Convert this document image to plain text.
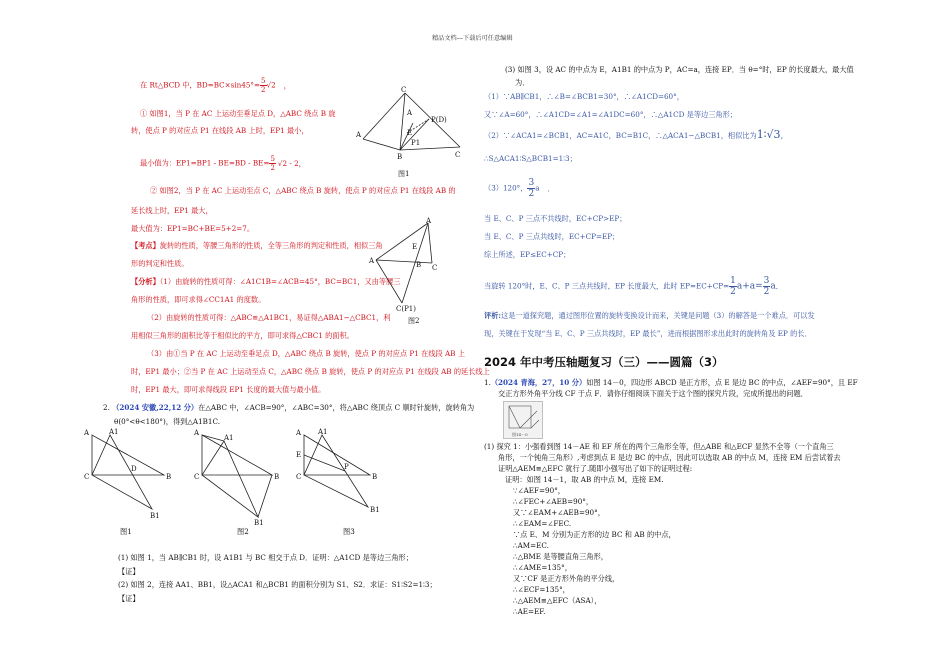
精品文档---下载后可任意编辑
在 Rt△BCD 中，$BD=BC\times\sin 45^\circ= \frac{5}{2} √2$ ，
① 如图1，当 P 在 AC 上运动至垂足点 D，△ABC 绕点 B 旋
转，使点 P 的对应点 P1 在线段 AB 上时，EP1 最小，
最小值为：$EP1=BP1 - BE=BD - BE= \frac{5}{2} √2 - 2$，
② 如图2，当 P 在 AC 上运动至点 C，△ABC 绕点 B 旋转，使点 P 的对应点 P1 在线段 AB 的
延长线上时，EP1 最大，
最大值为：EP1=BC+BE=5+2=7。
【考点】旋转的性质，等腰三角形的性质，全等三角形的判定和性质，相似三角
形的判定和性质。
【分析】（1）由旋转的性质可得：∠A1C1B=∠ACB=45°，BC=BC1，又由等腰三
角形的性质，即可求得∠CC1A1 的度数。
（2）由旋转的性质可得：△ABC≌△A1BC1，易证得△ABA1∽△CBC1，利
用相似三角形的面积比等于相似比的平方，即可求得△CBC1 的面积。
（3）由①当 P 在 AC 上运动至垂足点 D，△ABC 绕点 B 旋转，使点 P 的对应点 P1 在线段 AB 上
时，EP1 最小；②当 P 在 AC 上运动至点 C，△ABC 绕点 B 旋转，使点 P 的对应点 P1 在线段 AB 的延长线上
时，EP1 最大，即可求得线段 EP1 长度的最大值与最小值。
2. （2024 安徽,22,12 分）在△ABC 中，∠ACB=90°，∠ABC=30°，将△ABC 绕顶点 C 顺时针旋转，旋转角为
θ(0°<θ<180°)，得到△A1B1C.
图1	图2	图3
(1) 如图 1，当 AB∥CB1 时，设 A1B1 与 BC 相交于点 D．证明：△A1CD 是等边三角形；
【证】
(2) 如图 2，连接 AA1、BB1，设△ACA1 和△BCB1 的面积分别为 S1、S2．求证：S1∶S2=1∶3；
【证】
C
A
B	C
A
P(D)
E
P1
图1
A
A
C
E
B
C(P1)
图2
A	A1
D
C	B
B1
A
A1
C	B
B1
A A1
E
P
C	B
B1
(3) 如图 3，设 AC 的中点为 E，A1B1 的中点为 P，AC=a，连接 EP．当 θ=°时，EP 的长度最大，最大值
为．
（1）∵AB∥CB1，∴∠B=∠BCB1=30°，∴∠A1CD=60°，
又∵∠A=60°，∴∠A1CD=∠A1=∠A1DC=60°，∴△A1CD 是等边三角形；
（2）∵∠ACA1=∠BCB1，AC=A1C，BC=B1C，∴△ACA1∽△BCB1，相似比为1∶√3，
∴S△ACA1∶S△BCB1=1∶3；
（3）120°， $\frac{3}{2}$ a ．
当 E、C、P 三点不共线时，EC+CP>EP；
当 E、C、P 三点共线时，EC+CP=EP；
综上所述，EP≤EC+CP；
当旋转 120°时，E、C、P 三点共线时，EP 长度最大，此时 $EP=EC+CP= \frac{1}{2} a+a= \frac{3}{2}$ a．
评析:这是一道探究题，通过图形位置的旋转变换设计而来，关键是问题（3）的解答是一个难点．可以发
现，关键在于发现“当 E、C、P 三点共线时，EP 最长”，进而根据图形求出此时的旋转角及 EP 的长．
2024 年中考压轴题复习（三）——圆篇（3）
1.（2024 青海，27，10 分）如图 14－0，四边形 ABCD 是正方形，点 E 是边 BC 的中点，∠AEF=90°，且 EF
交正方形外角平分线 CF 于点 F．请你仔细阅读下面关于这个图的探究片段，完成所提出的问题．
图14－0
(1) 探究 1：小强看到图 14－AE 和 EF 所在的两个三角形全等，但△ABE 和△ECF 显然不全等（一个直角三
角形，一个钝角三角形）,考虑到点 E 是边 BC 的中点，因此可以选取 AB 的中点 M，连接 EM 后尝试着去
证明△AEM≌△EFC 就行了.随即小强写出了如下的证明过程:
证明：如图 14－1，取 AB 的中点 M，连接 EM.
∵∠AEF=90°，
∴∠FEC+∠AEB=90°，
又∵∠EAM+∠AEB=90°，
∴∠EAM=∠FEC.
∵点 E、M 分别为正方形的边 BC 和 AB 的中点，
∴AM=EC.
∴△BME 是等腰直角三角形，
∴∠AME=135°，
又∵CF 是正方形外角的平分线，
∴∠ECF=135°，
∴△AEM≌△EFC（ASA），
∴AE=EF.
